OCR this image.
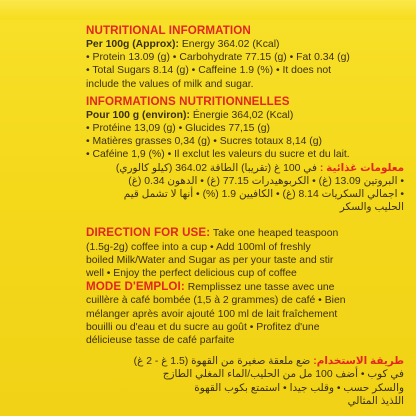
NUTRITIONAL INFORMATION
Per 100g (Approx): Energy 364.02 (Kcal)
• Protein 13.09 (g) • Carbohydrate 77.15 (g) • Fat 0.34 (g)
• Total Sugars 8.14 (g) • Caffeine 1.9 (%) • It does not
include the values of milk and sugar.
INFORMATIONS NUTRITIONNELLES
Pour 100 g (environ): Énergie 364,02 (Kcal)
• Protéine 13,09 (g) • Glucides 77,15 (g)
• Matières grasses 0,34 (g) • Sucres totaux 8,14 (g)
• Caféine 1,9 (%) • Il exclut les valeurs du sucre et du lait.
معلومات غذائية : في 100 غ (تقريبا) الطاقة 364.02 (كيلو كالوري)
• البروتين 13.09 (غ) • الكربوهيدرات 77.15 (غ) • الدهون 0.34 (غ)
• اجمالي السكريات 8.14 (غ) • الكافيين 1.9 (%) • أنها لا تشمل قيم
الحليب والسكر
DIRECTION FOR USE: Take one heaped teaspoon
(1.5g-2g) coffee into a cup • Add 100ml of freshly
boiled Milk/Water and Sugar as per your taste and stir
well • Enjoy the perfect delicious cup of coffee
MODE D'EMPLOI: Remplissez une tasse avec une
cuillère à café bombée (1,5 à 2 grammes) de café • Bien
mélanger après avoir ajouté 100 ml de lait fraîchement
bouilli ou d'eau et du sucre au goût • Profitez d'une
délicieuse tasse de café parfaite
طريقة الاستخدام: ضع ملعقة صغيرة من القهوة (1.5 غ - 2 غ)
في كوب • أضف 100 مل من الحليب/الماء المغلي الطازج
والسكر حسب • وقلب جيدا • استمتع بكوب القهوة
اللذيذ المثالي
